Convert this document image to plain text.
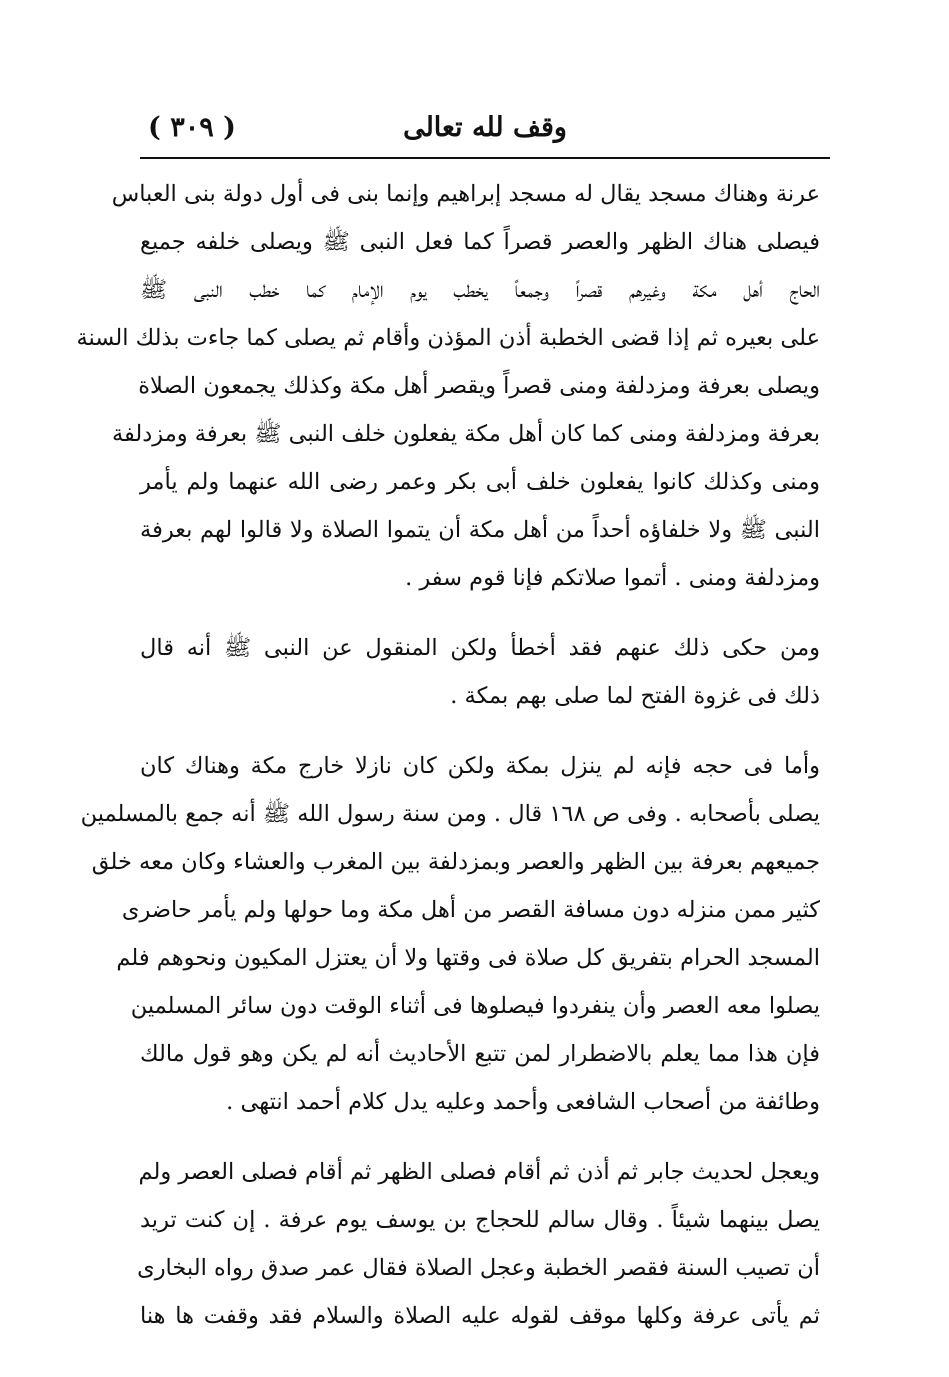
( ٣٠٩ )	وقف لله تعالى
عرنة وهناك مسجد يقال له مسجد إبراهيم وإنما بنى فى أول دولة بنى العباس
فيصلى هناك الظهر والعصر قصراً كما فعل النبى ﷺ ويصلى خلفه جميع
الحاج أهل مكة وغيرهم قصراً وجمعاً يخطب يوم الإمام كما خطب النبى ﷺ
على بعيره ثم إذا قضى الخطبة أذن المؤذن وأقام ثم يصلى كما جاءت بذلك السنة
ويصلى بعرفة ومزدلفة ومنى قصراً ويقصر أهل مكة وكذلك يجمعون الصلاة
بعرفة ومزدلفة ومنى كما كان أهل مكة يفعلون خلف النبى ﷺ بعرفة ومزدلفة
ومنى وكذلك كانوا يفعلون خلف أبى بكر وعمر رضى الله عنهما ولم يأمر
النبى ﷺ ولا خلفاؤه أحداً من أهل مكة أن يتموا الصلاة ولا قالوا لهم بعرفة
ومزدلفة ومنى . أتموا صلاتكم فإنا قوم سفر .
ومن حكى ذلك عنهم فقد أخطأ ولكن المنقول عن النبى ﷺ أنه قال
ذلك فى غزوة الفتح لما صلى بهم بمكة .
وأما فى حجه فإنه لم ينزل بمكة ولكن كان نازلا خارج مكة وهناك كان
يصلى بأصحابه . وفى ص ١٦٨ قال . ومن سنة رسول الله ﷺ أنه جمع بالمسلمين
جميعهم بعرفة بين الظهر والعصر وبمزدلفة بين المغرب والعشاء وكان معه خلق
كثير ممن منزله دون مسافة القصر من أهل مكة وما حولها ولم يأمر حاضرى
المسجد الحرام بتفريق كل صلاة فى وقتها ولا أن يعتزل المكيون ونحوهم فلم
يصلوا معه العصر وأن ينفردوا فيصلوها فى أثناء الوقت دون سائر المسلمين
فإن هذا مما يعلم بالاضطرار لمن تتبع الأحاديث أنه لم يكن وهو قول مالك
وطائفة من أصحاب الشافعى وأحمد وعليه يدل كلام أحمد انتهى .
ويعجل لحديث جابر ثم أذن ثم أقام فصلى الظهر ثم أقام فصلى العصر ولم
يصل بينهما شيئاً . وقال سالم للحجاج بن يوسف يوم عرفة . إن كنت تريد
أن تصيب السنة فقصر الخطبة وعجل الصلاة فقال عمر صدق رواه البخارى
ثم يأتى عرفة وكلها موقف لقوله عليه الصلاة والسلام فقد وقفت ها هنا
